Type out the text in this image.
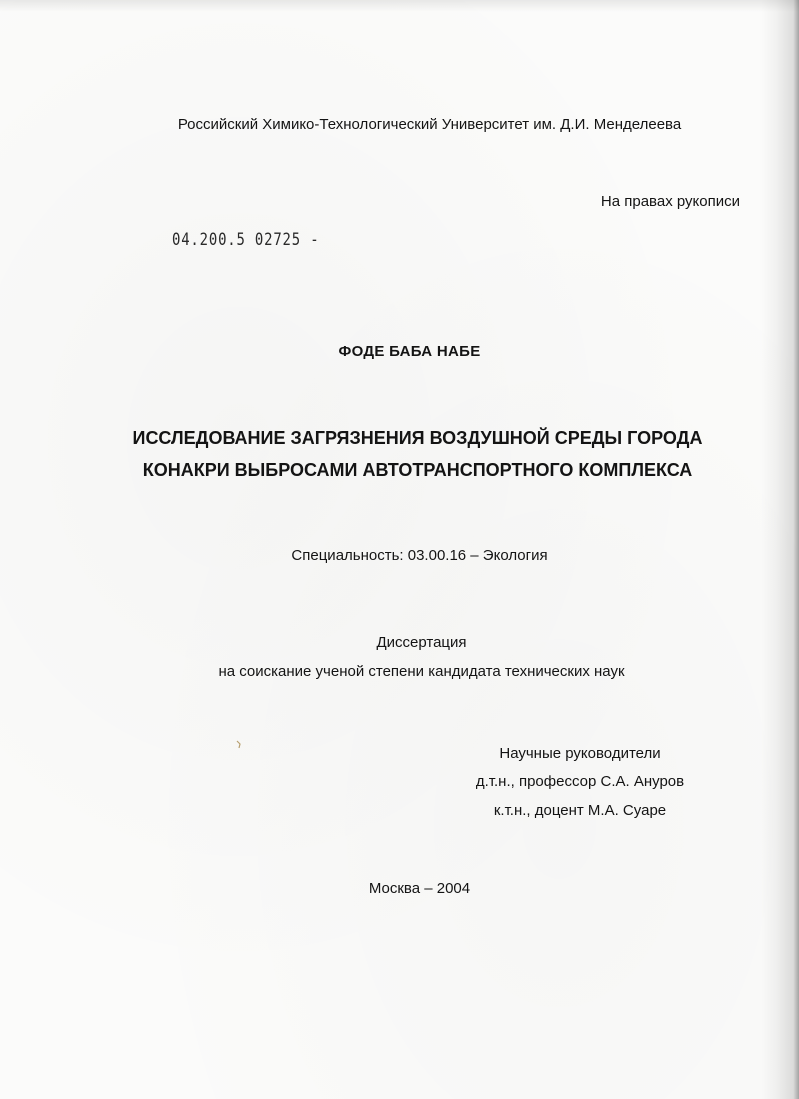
Российский Химико-Технологический Университет им. Д.И. Менделеева
На правах рукописи
04.200.5 02725 -
ФОДЕ БАБА НАБЕ
ИССЛЕДОВАНИЕ ЗАГРЯЗНЕНИЯ ВОЗДУШНОЙ СРЕДЫ ГОРОДА
КОНАКРИ ВЫБРОСАМИ АВТОТРАНСПОРТНОГО КОМПЛЕКСА
Специальность: 03.00.16 – Экология
Диссертация
на соискание ученой степени кандидата технических наук
Научные руководители
д.т.н., профессор С.А. Ануров
к.т.н., доцент М.А. Суаре
Москва – 2004
